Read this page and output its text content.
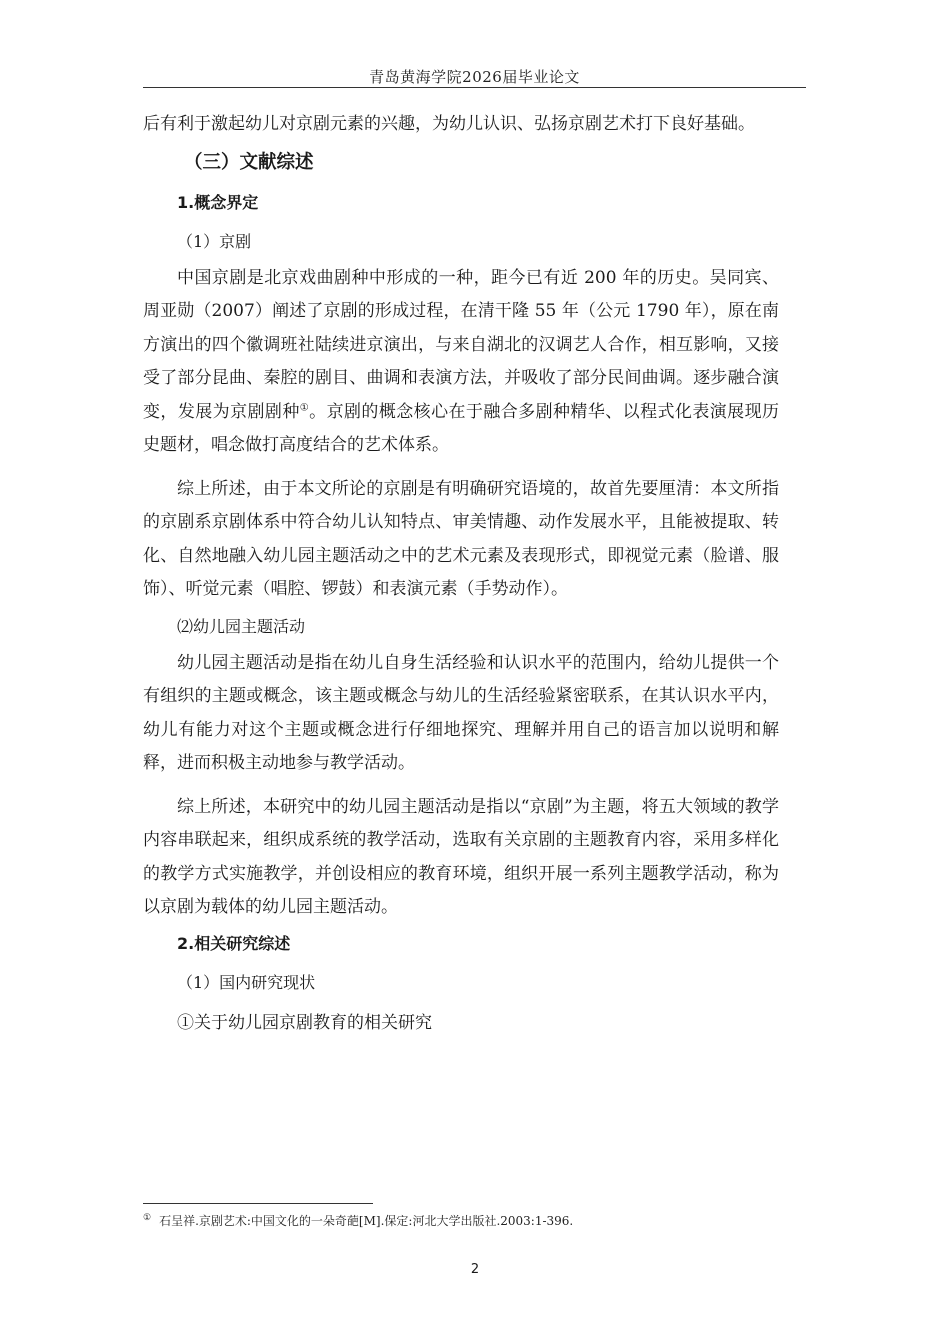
青岛黄海学院2026届毕业论文

后有利于激起幼儿对京剧元素的兴趣，为幼儿认识、弘扬京剧艺术打下良好基础。

（三）文献综述
1.概念界定
（1）京剧

中国京剧是北京戏曲剧种中形成的一种，距今已有近 200 年的历史。吴同宾、周亚勋（2007）阐述了京剧的形成过程，在清干隆 55 年（公元 1790 年），原在南方演出的四个徽调班社陆续进京演出，与来自湖北的汉调艺人合作，相互影响，又接受了部分昆曲、秦腔的剧目、曲调和表演方法，并吸收了部分民间曲调。逐步融合演变，发展为京剧剧种①。京剧的概念核心在于融合多剧种精华、以程式化表演展现历史题材，唱念做打高度结合的艺术体系。

综上所述，由于本文所论的京剧是有明确研究语境的，故首先要厘清：本文所指的京剧系京剧体系中符合幼儿认知特点、审美情趣、动作发展水平，且能被提取、转化、自然地融入幼儿园主题活动之中的艺术元素及表现形式，即视觉元素（脸谱、服饰）、听觉元素（唱腔、锣鼓）和表演元素（手势动作）。

⑵幼儿园主题活动

幼儿园主题活动是指在幼儿自身生活经验和认识水平的范围内，给幼儿提供一个有组织的主题或概念，该主题或概念与幼儿的生活经验紧密联系，在其认识水平内，幼儿有能力对这个主题或概念进行仔细地探究、理解并用自己的语言加以说明和解释，进而积极主动地参与教学活动。

综上所述，本研究中的幼儿园主题活动是指以“京剧”为主题，将五大领域的教学内容串联起来，组织成系统的教学活动，选取有关京剧的主题教育内容，采用多样化的教学方式实施教学，并创设相应的教育环境，组织开展一系列主题教学活动，称为以京剧为载体的幼儿园主题活动。

2.相关研究综述
（1）国内研究现状
①关于幼儿园京剧教育的相关研究
① 石呈祥.京剧艺术:中国文化的一朵奇葩[M].保定:河北大学出版社.2003:1-396.
2
